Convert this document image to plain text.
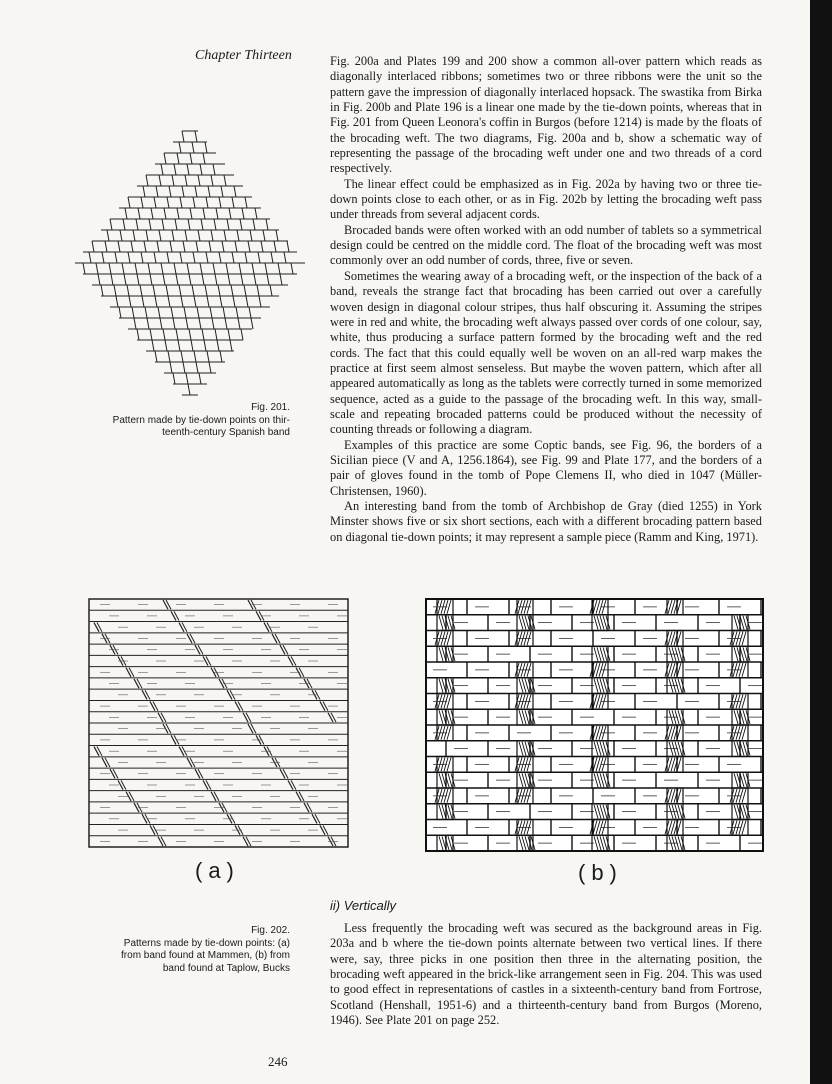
Chapter Thirteen	Fig. 200a and Plates 199 and 200 show a common all-over pattern which reads as diagonally interlaced ribbons; sometimes two or three ribbons were the unit so the pattern gave the impression of diagonally interlaced hopsack. The swastika from Birka in Fig. 200b and Plate 196 is a linear one made by the tie-down points, whereas that in Fig. 201 from Queen Leonora's coffin in Burgos (before 1214) is made by the floats of the brocading weft. The two diagrams, Fig. 200a and b, show a schematic way of representing the passage of the brocading weft under one and two threads of a cord respectively.

The linear effect could be emphasized as in Fig. 202a by having two or three tie-down points close to each other, or as in Fig. 202b by letting the brocading weft pass under threads from several adjacent cords.

Brocaded bands were often worked with an odd number of tablets so a symmetrical design could be centred on the middle cord. The float of the brocading weft was most commonly over an odd number of cords, three, five or seven.

Sometimes the wearing away of a brocading weft, or the inspection of the back of a band, reveals the strange fact that brocading has been carried out over a carefully woven design in diagonal colour stripes, thus half obscuring it. Assuming the stripes were in red and white, the brocading weft always passed over cords of one colour, say, white, thus producing a surface pattern formed by the brocading weft and the red cords. The fact that this could equally well be woven on an all-red warp makes the practice at first seem almost senseless. But maybe the woven pattern, which after all appeared automatically as long as the tablets were correctly turned in some memorized sequence, acted as a guide to the passage of the brocading weft. In this way, small-scale and repeating brocaded patterns could be produced without the necessity of counting threads or following a diagram.

Examples of this practice are some Coptic bands, see Fig. 96, the borders of a Sicilian piece (V and A, 1256.1864), see Fig. 99 and Plate 177, and the borders of a pair of gloves found in the tomb of Pope Clemens II, who died in 1047 (Müller-Christensen, 1960).

An interesting band from the tomb of Archbishop de Gray (died 1255) in York Minster shows five or six short sections, each with a different brocading pattern based on diagonal tie-down points; it may represent a sample piece (Ramm and King, 1971).

Fig. 201.
Pattern made by tie-down points on thir-
teenth-century Spanish band
(a)	(b)
ii) Vertically
Fig. 202.
Patterns made by tie-down points: (a)
from band found at Mammen, (b) from
band found at Taplow, Bucks

Less frequently the brocading weft was secured as the background areas in Fig. 203a and b where the tie-down points alternate between two vertical lines. If there were, say, three picks in one position then three in the alternating position, the brocading weft appeared in the brick-like arrangement seen in Fig. 204. This was used to good effect in representations of castles in a sixteenth-century band from Fortrose, Scotland (Henshall, 1951-6) and a thirteenth-century band from Burgos (Moreno, 1946). See Plate 201 on page 252.

246
